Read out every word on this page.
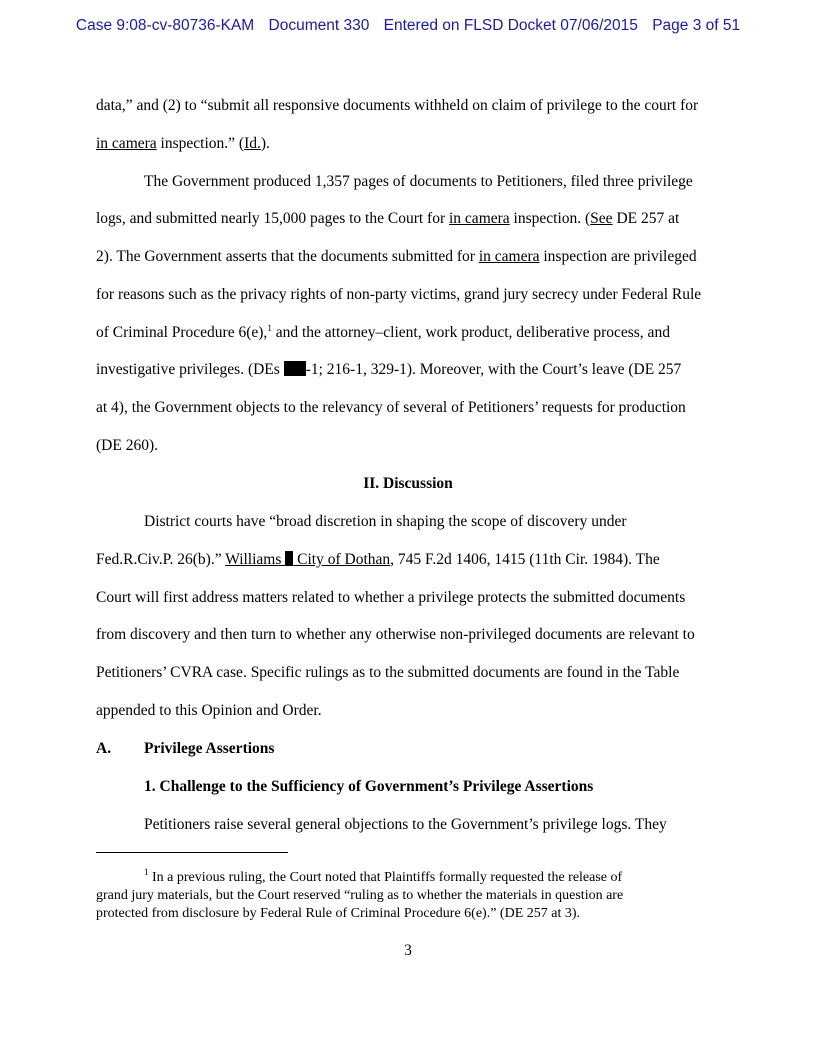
Case 9:08-cv-80736-KAM Document 330 Entered on FLSD Docket 07/06/2015 Page 3 of 51
data,” and (2) to “submit all responsive documents withheld on claim of privilege to the court for
in camera inspection.” (Id.).
The Government produced 1,357 pages of documents to Petitioners, filed three privilege
logs, and submitted nearly 15,000 pages to the Court for in camera inspection. (See DE 257 at
2). The Government asserts that the documents submitted for in camera inspection are privileged
for reasons such as the privacy rights of non-party victims, grand jury secrecy under Federal Rule
of Criminal Procedure 6(e),$^1$ and the attorney–client, work product, deliberative process, and
investigative privileges. (DEs -1; 216-1, 329-1). Moreover, with the Court’s leave (DE 257
at 4), the Government objects to the relevancy of several of Petitioners’ requests for production
(DE 260).
II. Discussion
District courts have “broad discretion in shaping the scope of discovery under
Fed.R.Civ.P. 26(b).” Williams  City of Dothan, 745 F.2d 1406, 1415 (11th Cir. 1984). The
Court will first address matters related to whether a privilege protects the submitted documents
from discovery and then turn to whether any otherwise non-privileged documents are relevant to
Petitioners’ CVRA case. Specific rulings as to the submitted documents are found in the Table
appended to this Opinion and Order.
A. Privilege Assertions
1. Challenge to the Sufficiency of Government’s Privilege Assertions
Petitioners raise several general objections to the Government’s privilege logs. They
$^1$ In a previous ruling, the Court noted that Plaintiffs formally requested the release of
grand jury materials, but the Court reserved “ruling as to whether the materials in question are
protected from disclosure by Federal Rule of Criminal Procedure 6(e).” (DE 257 at 3).
3
